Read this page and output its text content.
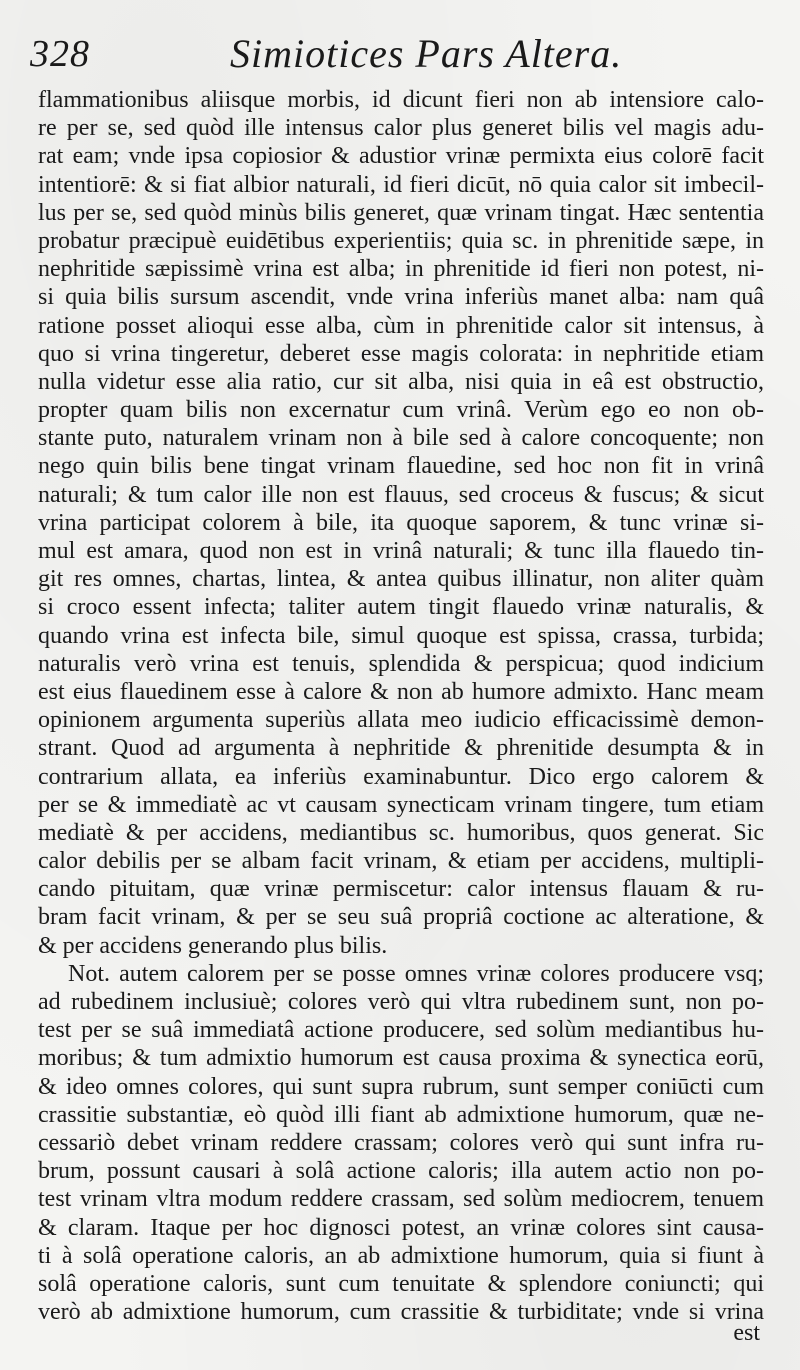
328	Simiotices Pars Altera.
flammationibus aliisque morbis, id dicunt fieri non ab intensiore calo-
re per se, sed quòd ille intensus calor plus generet bilis vel magis adu-
rat eam; vnde ipsa copiosior & adustior vrinæ permixta eius colorē facit
intentiorē: & si fiat albior naturali, id fieri dicūt, nō quia calor sit imbecil-
lus per se, sed quòd minùs bilis generet, quæ vrinam tingat. Hæc sententia
probatur præcipuè euidētibus experientiis; quia sc. in phrenitide sæpe, in
nephritide sæpissimè vrina est alba; in phrenitide id fieri non potest, ni-
si quia bilis sursum ascendit, vnde vrina inferiùs manet alba: nam quâ
ratione posset alioqui esse alba, cùm in phrenitide calor sit intensus, à
quo si vrina tingeretur, deberet esse magis colorata: in nephritide etiam
nulla videtur esse alia ratio, cur sit alba, nisi quia in eâ est obstructio,
propter quam bilis non excernatur cum vrinâ. Verùm ego eo non ob-
stante puto, naturalem vrinam non à bile sed à calore concoquente; non
nego quin bilis bene tingat vrinam flauedine, sed hoc non fit in vrinâ
naturali; & tum calor ille non est flauus, sed croceus & fuscus; & sicut
vrina participat colorem à bile, ita quoque saporem, & tunc vrinæ si-
mul est amara, quod non est in vrinâ naturali; & tunc illa flauedo tin-
git res omnes, chartas, lintea, & antea quibus illinatur, non aliter quàm
si croco essent infecta; taliter autem tingit flauedo vrinæ naturalis, &
quando vrina est infecta bile, simul quoque est spissa, crassa, turbida;
naturalis verò vrina est tenuis, splendida & perspicua; quod indicium
est eius flauedinem esse à calore & non ab humore admixto. Hanc meam
opinionem argumenta superiùs allata meo iudicio efficacissimè demon-
strant. Quod ad argumenta à nephritide & phrenitide desumpta & in
contrarium allata, ea inferiùs examinabuntur. Dico ergo calorem &
per se & immediatè ac vt causam synecticam vrinam tingere, tum etiam
mediatè & per accidens, mediantibus sc. humoribus, quos generat. Sic
calor debilis per se albam facit vrinam, & etiam per accidens, multipli-
cando pituitam, quæ vrinæ permiscetur: calor intensus flauam & ru-
bram facit vrinam, & per se seu suâ propriâ coctione ac alteratione, &
& per accidens generando plus bilis.
Not. autem calorem per se posse omnes vrinæ colores producere vsq;
ad rubedinem inclusiuè; colores verò qui vltra rubedinem sunt, non po-
test per se suâ immediatâ actione producere, sed solùm mediantibus hu-
moribus; & tum admixtio humorum est causa proxima & synectica eorū,
& ideo omnes colores, qui sunt supra rubrum, sunt semper coniūcti cum
crassitie substantiæ, eò quòd illi fiant ab admixtione humorum, quæ ne-
cessariò debet vrinam reddere crassam; colores verò qui sunt infra ru-
brum, possunt causari à solâ actione caloris; illa autem actio non po-
test vrinam vltra modum reddere crassam, sed solùm mediocrem, tenuem
& claram. Itaque per hoc dignosci potest, an vrinæ colores sint causa-
ti à solâ operatione caloris, an ab admixtione humorum, quia si fiunt à
solâ operatione caloris, sunt cum tenuitate & splendore coniuncti; qui
verò ab admixtione humorum, cum crassitie & turbiditate; vnde si vrina
est
